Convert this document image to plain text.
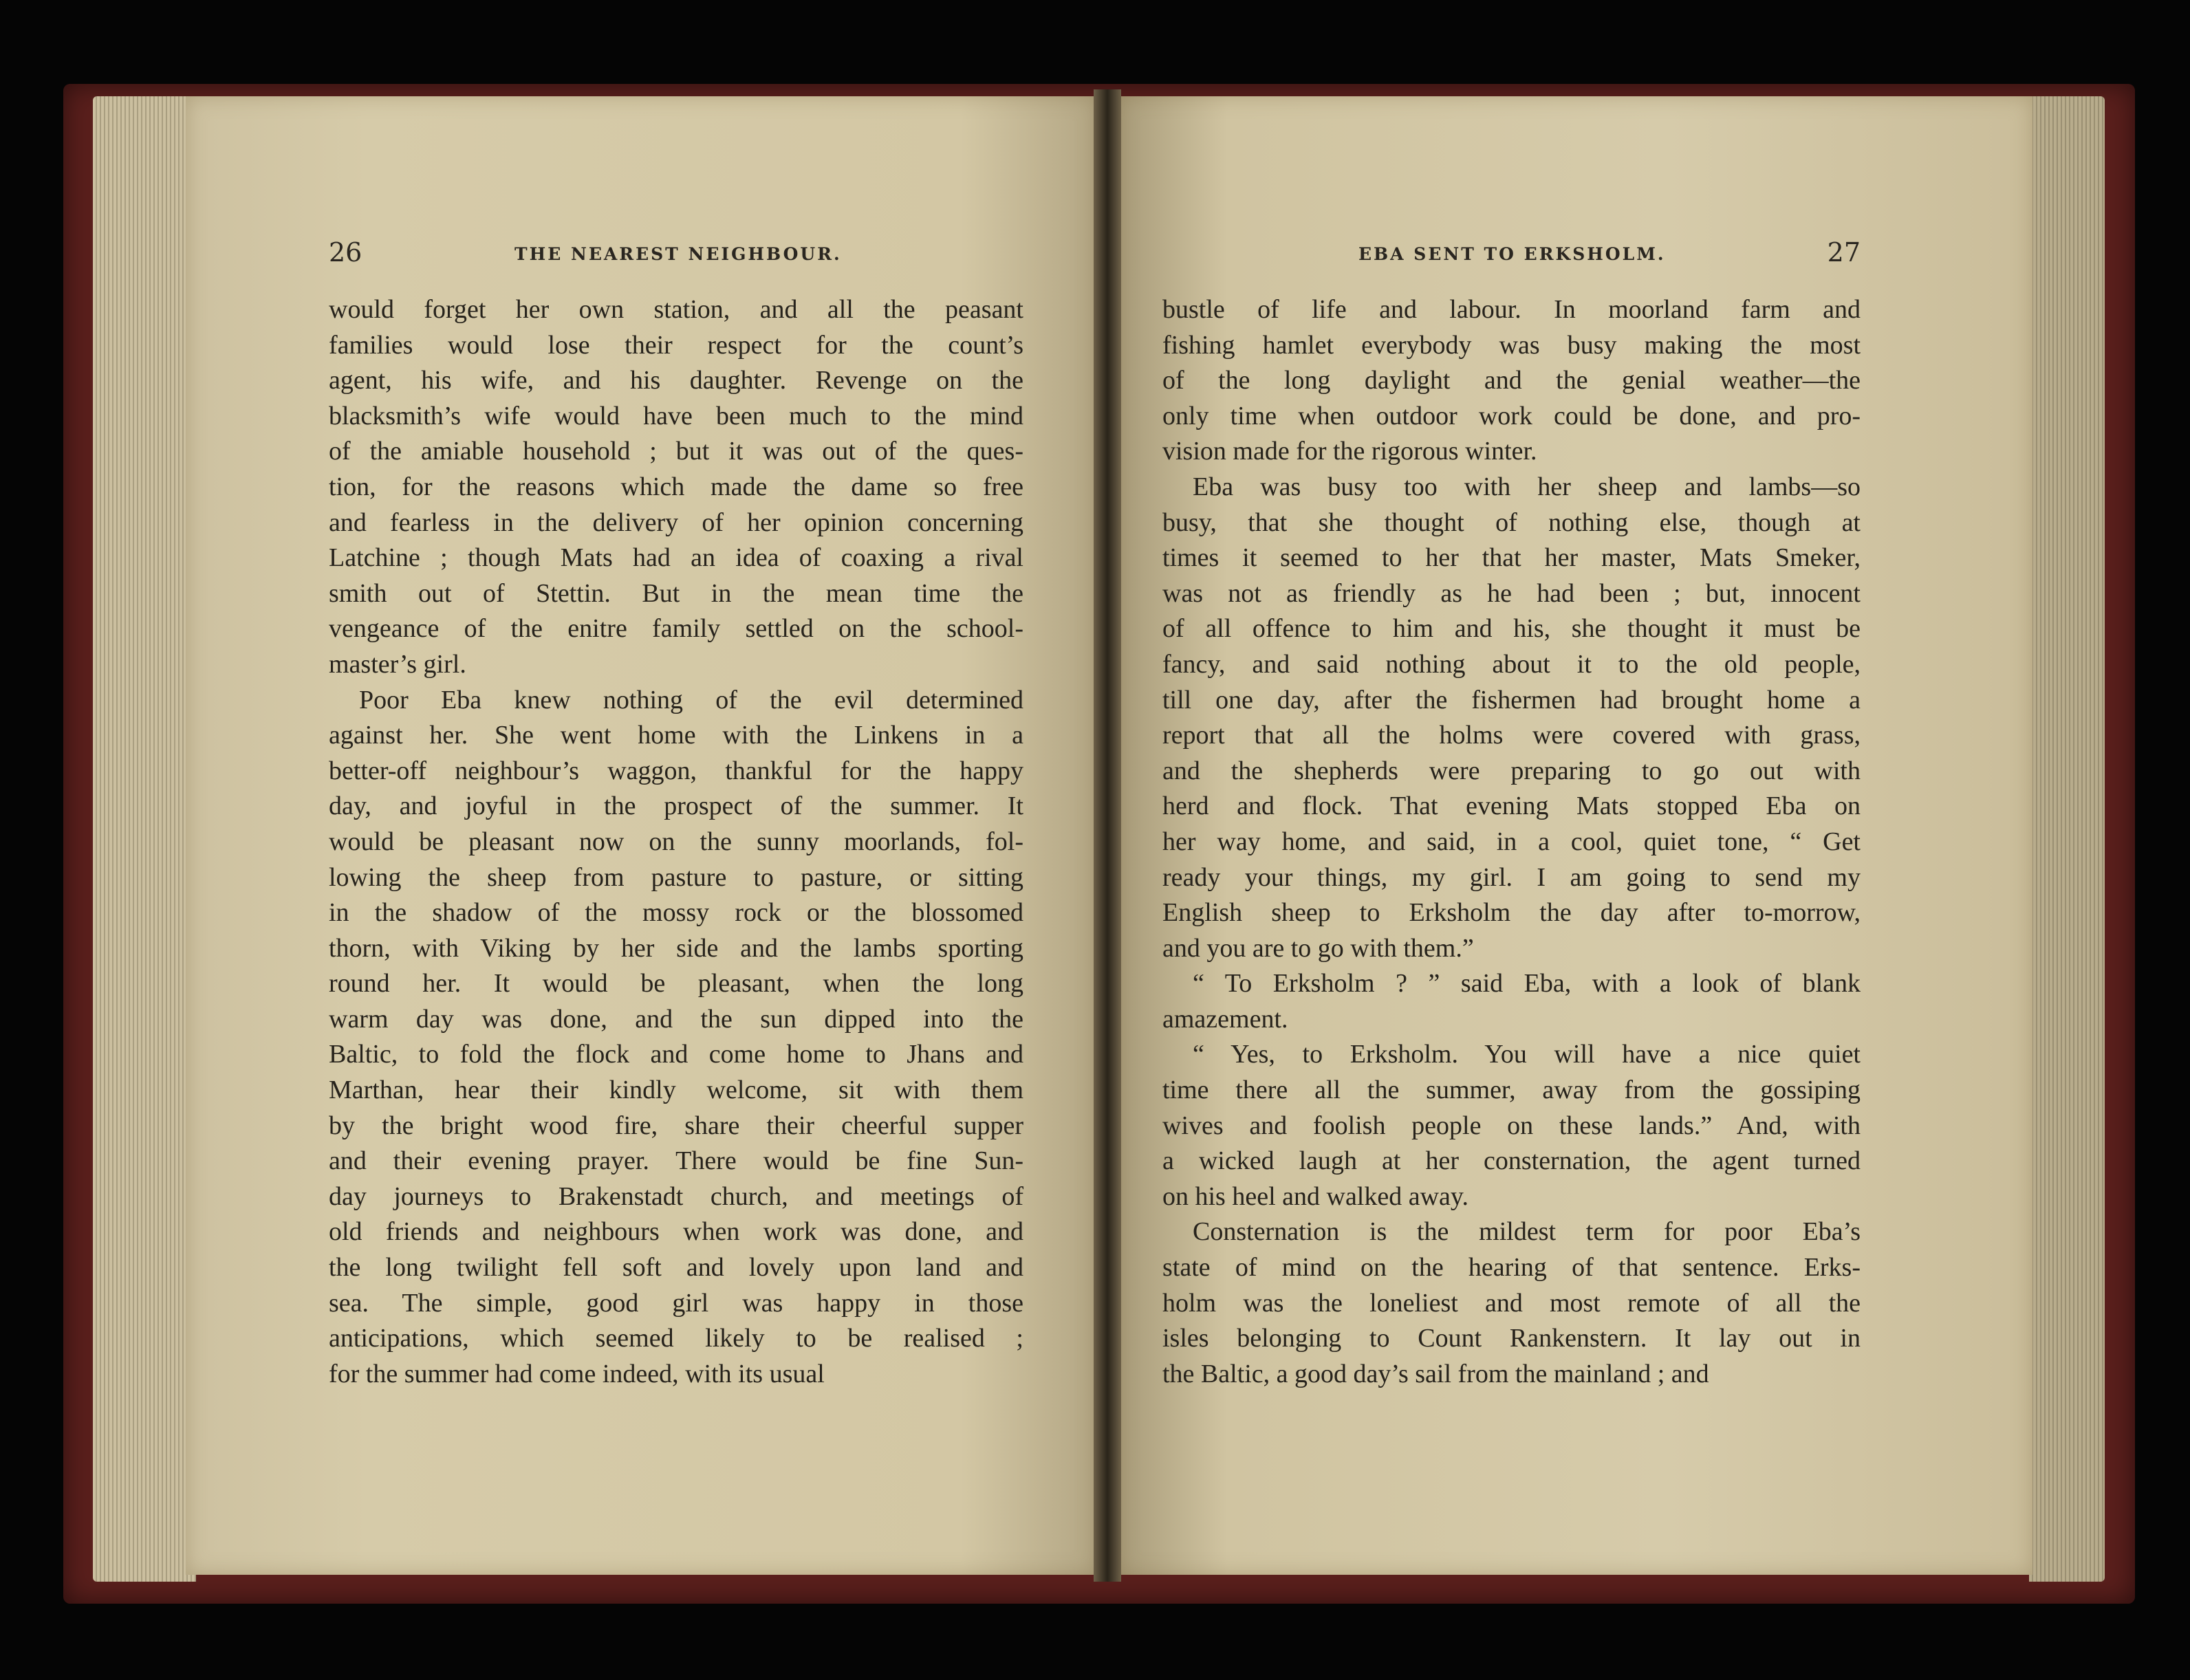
26	THE NEAREST NEIGHBOUR.	EBA SENT TO ERKSHOLM.	27
would forget her own station, and all the peasant
families would lose their respect for the count’s
agent, his wife, and his daughter. Revenge on the
blacksmith’s wife would have been much to the mind
of the amiable household ; but it was out of the ques-
tion, for the reasons which made the dame so free
and fearless in the delivery of her opinion concerning
Latchine ; though Mats had an idea of coaxing a rival
smith out of Stettin. But in the mean time the
vengeance of the enitre family settled on the school-
master’s girl.
Poor Eba knew nothing of the evil determined
against her. She went home with the Linkens in a
better-off neighbour’s waggon, thankful for the happy
day, and joyful in the prospect of the summer. It
would be pleasant now on the sunny moorlands, fol-
lowing the sheep from pasture to pasture, or sitting
in the shadow of the mossy rock or the blossomed
thorn, with Viking by her side and the lambs sporting
round her. It would be pleasant, when the long
warm day was done, and the sun dipped into the
Baltic, to fold the flock and come home to Jhans and
Marthan, hear their kindly welcome, sit with them
by the bright wood fire, share their cheerful supper
and their evening prayer. There would be fine Sun-
day journeys to Brakenstadt church, and meetings of
old friends and neighbours when work was done, and
the long twilight fell soft and lovely upon land and
sea. The simple, good girl was happy in those
anticipations, which seemed likely to be realised ;
for the summer had come indeed, with its usual
bustle of life and labour. In moorland farm and
fishing hamlet everybody was busy making the most
of the long daylight and the genial weather—the
only time when outdoor work could be done, and pro-
vision made for the rigorous winter.
Eba was busy too with her sheep and lambs—so
busy, that she thought of nothing else, though at
times it seemed to her that her master, Mats Smeker,
was not as friendly as he had been ; but, innocent
of all offence to him and his, she thought it must be
fancy, and said nothing about it to the old people,
till one day, after the fishermen had brought home a
report that all the holms were covered with grass,
and the shepherds were preparing to go out with
herd and flock. That evening Mats stopped Eba on
her way home, and said, in a cool, quiet tone, “ Get
ready your things, my girl. I am going to send my
English sheep to Erksholm the day after to-morrow,
and you are to go with them.”
“ To Erksholm ? ” said Eba, with a look of blank
amazement.
“ Yes, to Erksholm. You will have a nice quiet
time there all the summer, away from the gossiping
wives and foolish people on these lands.” And, with
a wicked laugh at her consternation, the agent turned
on his heel and walked away.
Consternation is the mildest term for poor Eba’s
state of mind on the hearing of that sentence. Erks-
holm was the loneliest and most remote of all the
isles belonging to Count Rankenstern. It lay out in
the Baltic, a good day’s sail from the mainland ; and
